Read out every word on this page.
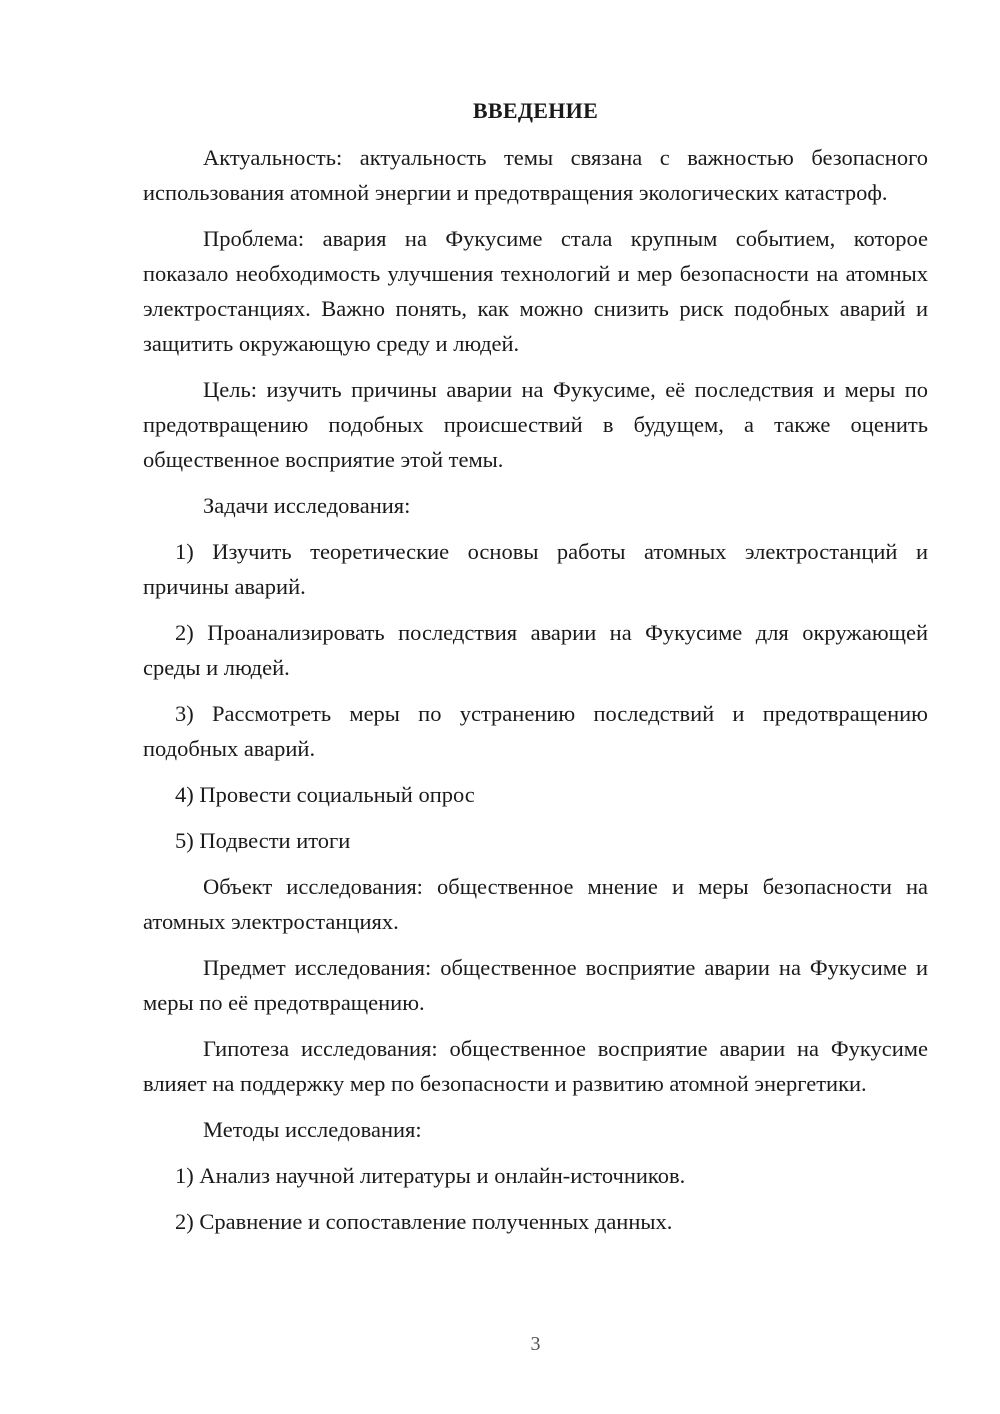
ВВЕДЕНИЕ
Актуальность: актуальность темы связана с важностью безопасного использования атомной энергии и предотвращения экологических катастроф.
Проблема: авария на Фукусиме стала крупным событием, которое показало необходимость улучшения технологий и мер безопасности на атомных электростанциях. Важно понять, как можно снизить риск подобных аварий и защитить окружающую среду и людей.
Цель: изучить причины аварии на Фукусиме, её последствия и меры по предотвращению подобных происшествий в будущем, а также оценить общественное восприятие этой темы.
Задачи исследования:
1) Изучить теоретические основы работы атомных электростанций и причины аварий.
2) Проанализировать последствия аварии на Фукусиме для окружающей среды и людей.
3) Рассмотреть меры по устранению последствий и предотвращению подобных аварий.
4) Провести социальный опрос
5) Подвести итоги
Объект исследования: общественное мнение и меры безопасности на атомных электростанциях.
Предмет исследования: общественное восприятие аварии на Фукусиме и меры по её предотвращению.
Гипотеза исследования: общественное восприятие аварии на Фукусиме влияет на поддержку мер по безопасности и развитию атомной энергетики.
Методы исследования:
1) Анализ научной литературы и онлайн-источников.
2) Сравнение и сопоставление полученных данных.
3
